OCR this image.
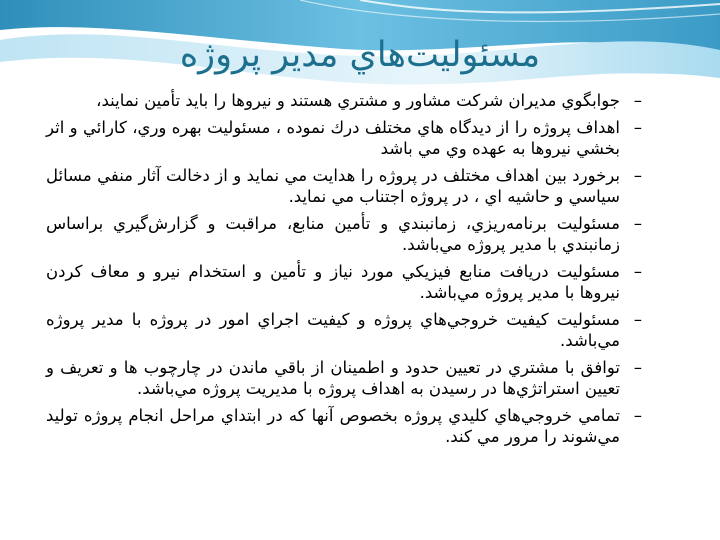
مسئوليت‌هاي مدير پروژه
–
جوابگوي مديران شركت مشاور و مشتري هستند و نيروها را بايد تأمين نمايند،
–
اهداف پروژه را از ديدگاه هاي مختلف درك نموده ، مسئوليت بهره وري، كارائي و اثر بخشي نيروها به عهده وي مي باشد
–
برخورد بين اهداف مختلف در پروژه را هدايت مي نمايد و از دخالت آثار منفي مسائل سياسي و حاشيه اي ، در پروژه اجتناب مي نمايد.
–
مسئوليت برنامه‌ريزي، زمانبندي و تأمين منابع، مراقبت و گزارش‌گيري براساس زمانبندي با مدير پروژه مي‌باشد.
–
مسئوليت دريافت منابع فيزيكي مورد نياز و تأمين و استخدام نيرو و معاف كردن نيروها با مدير پروژه مي‌باشد.
–
مسئوليت كيفيت خروجي‌هاي پروژه و كيفيت اجراي امور در پروژه با مدير پروژه مي‌باشد.
–
توافق با مشتري در تعيين حدود و اطمينان از باقي ماندن در چارچوب ها و تعريف و تعيين استراتژي‌ها در رسيدن به اهداف پروژه با مديريت پروژه مي‌باشد.
–
تمامي خروجي‌هاي كليدي پروژه بخصوص آنها كه در ابتداي مراحل انجام پروژه توليد مي‌شوند را مرور مي كند.
